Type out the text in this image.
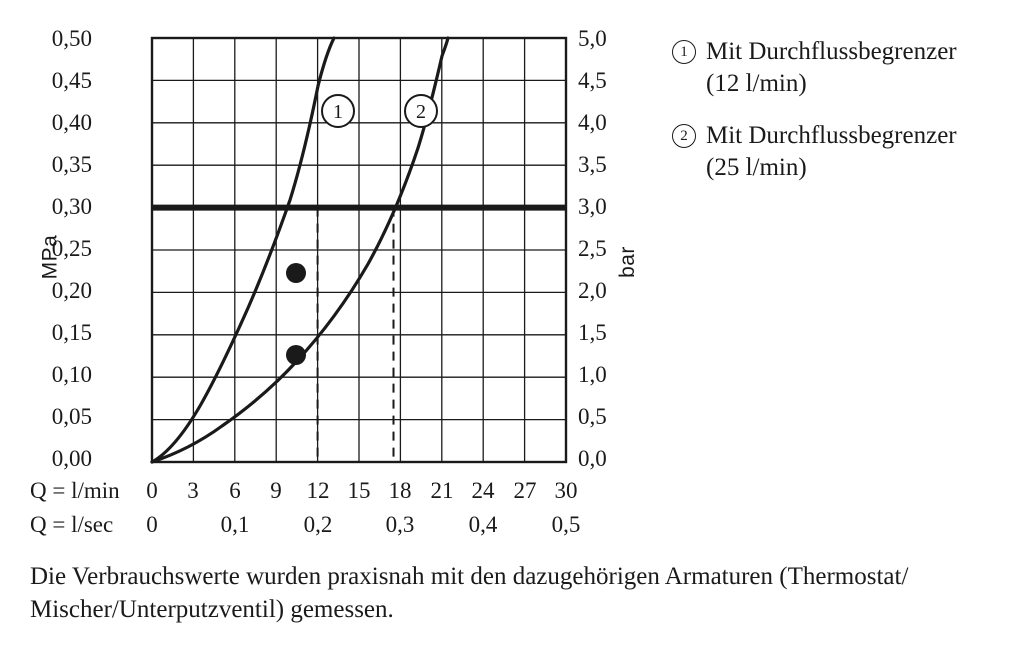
MPa	bar
0,50
0,45
0,40
0,35
0,30
0,25
0,20
0,15
0,10
0,05
0,00
5,0
4,5
4,0
3,5
3,0
2,5
2,0
1,5
1,0
0,5
0,0
1	2
Q = l/min	0	3	6	9	12 15 18 21 24 27 30
Q = l/sec	0	0,1	0,2	0,3	0,4	0,5
1 Mit Durchflussbegrenzer
(12 l/min)
2 Mit Durchflussbegrenzer
(25 l/min)
Die Verbrauchswerte wurden praxisnah mit den dazugehörigen Armaturen (Thermostat/
Mischer/Unterputzventil) gemessen.
